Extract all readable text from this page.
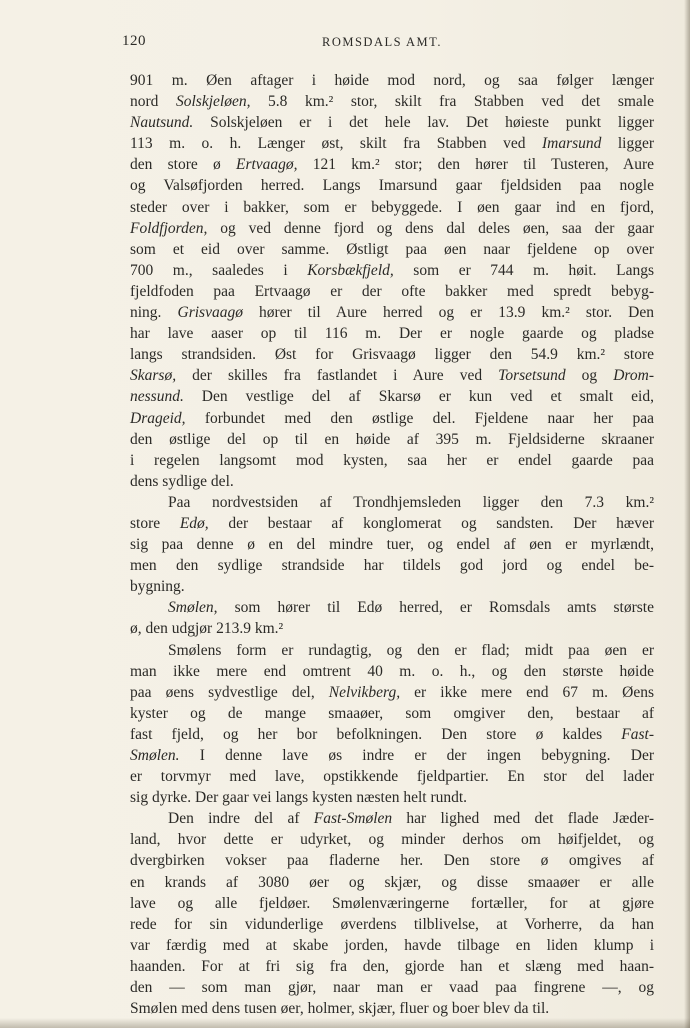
120	ROMSDALS AMT.
901 m. Øen aftager i høide mod nord, og saa følger længer
nord Solskjeløen, 5.8 km.² stor, skilt fra Stabben ved det smale
Nautsund. Solskjeløen er i det hele lav. Det høieste punkt ligger
113 m. o. h. Længer øst, skilt fra Stabben ved Imarsund ligger
den store ø Ertvaagø, 121 km.² stor; den hører til Tusteren, Aure
og Valsøfjorden herred. Langs Imarsund gaar fjeldsiden paa nogle
steder over i bakker, som er bebyggede. I øen gaar ind en fjord,
Foldfjorden, og ved denne fjord og dens dal deles øen, saa der gaar
som et eid over samme. Østligt paa øen naar fjeldene op over
700 m., saaledes i Korsbækfjeld, som er 744 m. høit. Langs
fjeldfoden paa Ertvaagø er der ofte bakker med spredt bebyg-
ning. Grisvaagø hører til Aure herred og er 13.9 km.² stor. Den
har lave aaser op til 116 m. Der er nogle gaarde og pladse
langs strandsiden. Øst for Grisvaagø ligger den 54.9 km.² store
Skarsø, der skilles fra fastlandet i Aure ved Torsetsund og Drom-
nessund. Den vestlige del af Skarsø er kun ved et smalt eid,
Drageid, forbundet med den østlige del. Fjeldene naar her paa
den østlige del op til en høide af 395 m. Fjeldsiderne skraaner
i regelen langsomt mod kysten, saa her er endel gaarde paa
dens sydlige del.
Paa nordvestsiden af Trondhjemsleden ligger den 7.3 km.²
store Edø, der bestaar af konglomerat og sandsten. Der hæver
sig paa denne ø en del mindre tuer, og endel af øen er myrlændt,
men den sydlige strandside har tildels god jord og endel be-
bygning.
Smølen, som hører til Edø herred, er Romsdals amts største
ø, den udgjør 213.9 km.²
Smølens form er rundagtig, og den er flad; midt paa øen er
man ikke mere end omtrent 40 m. o. h., og den største høide
paa øens sydvestlige del, Nelvikberg, er ikke mere end 67 m. Øens
kyster og de mange smaaøer, som omgiver den, bestaar af
fast fjeld, og her bor befolkningen. Den store ø kaldes Fast-
Smølen. I denne lave øs indre er der ingen bebygning. Der
er torvmyr med lave, opstikkende fjeldpartier. En stor del lader
sig dyrke. Der gaar vei langs kysten næsten helt rundt.
Den indre del af Fast-Smølen har lighed med det flade Jæder-
land, hvor dette er udyrket, og minder derhos om høifjeldet, og
dvergbirken vokser paa fladerne her. Den store ø omgives af
en krands af 3080 øer og skjær, og disse smaaøer er alle
lave og alle fjeldøer. Smølenværingerne fortæller, for at gjøre
rede for sin vidunderlige øverdens tilblivelse, at Vorherre, da han
var færdig med at skabe jorden, havde tilbage en liden klump i
haanden. For at fri sig fra den, gjorde han et slæng med haan-
den — som man gjør, naar man er vaad paa fingrene —, og
Smølen med dens tusen øer, holmer, skjær, fluer og boer blev da til.
